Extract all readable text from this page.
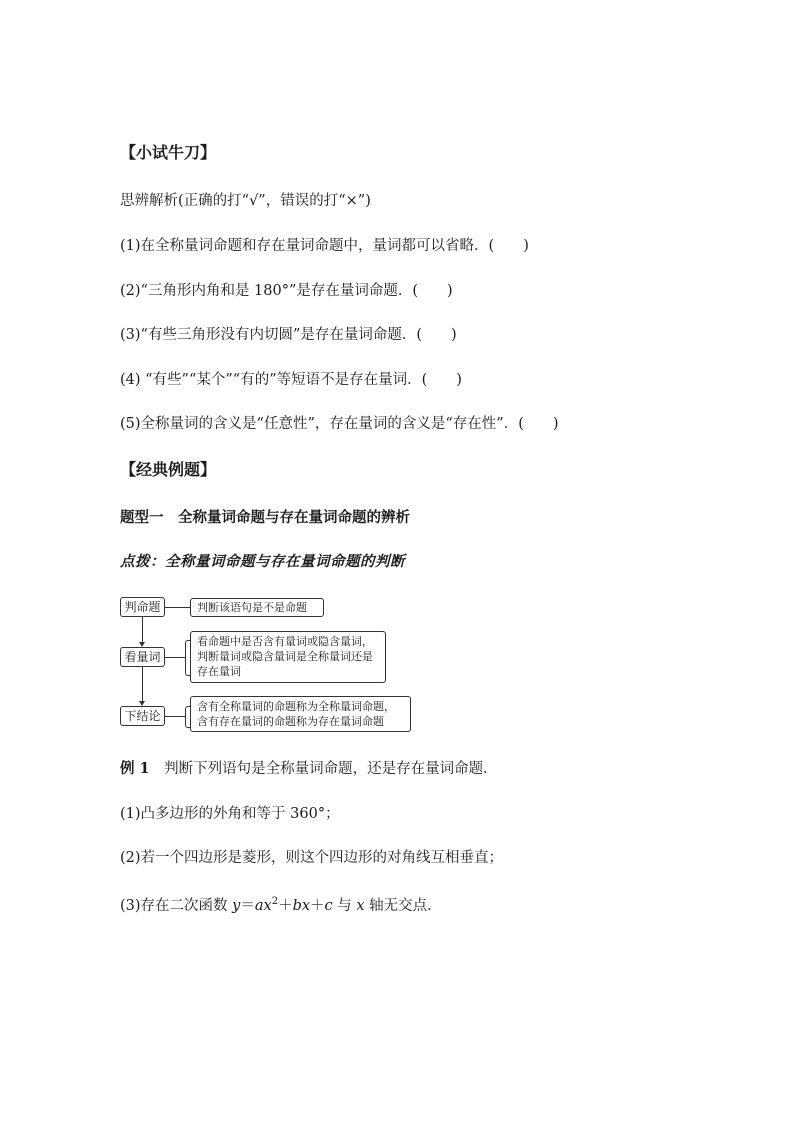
【小试牛刀】
思辨解析(正确的打“√”，错误的打“×”)
(1)在全称量词命题和存在量词命题中，量词都可以省略．(　　)
(2)“三角形内角和是 180°”是存在量词命题．(　　)
(3)“有些三角形没有内切圆”是存在量词命题．(　　)
(4) “有些”“某个”“有的”等短语不是存在量词．(　　)
(5)全称量词的含义是“任意性”，存在量词的含义是“存在性”．(　　)
【经典例题】
题型一　全称量词命题与存在量词命题的辨析
点拨：全称量词命题与存在量词命题的判断
判命题
看量词
下结论
判断该语句是不是命题
看命题中是否含有量词或隐含量词，判断量词或隐含量词是全称量词还是存在量词
含有全称量词的命题称为全称量词命题，含有存在量词的命题称为存在量词命题
例 1　 判断下列语句是全称量词命题，还是存在量词命题．
(1)凸多边形的外角和等于 360°；
(2)若一个四边形是菱形，则这个四边形的对角线互相垂直；
(3)存在二次函数 $y=ax^2+bx+c$ 与 x 轴无交点．
